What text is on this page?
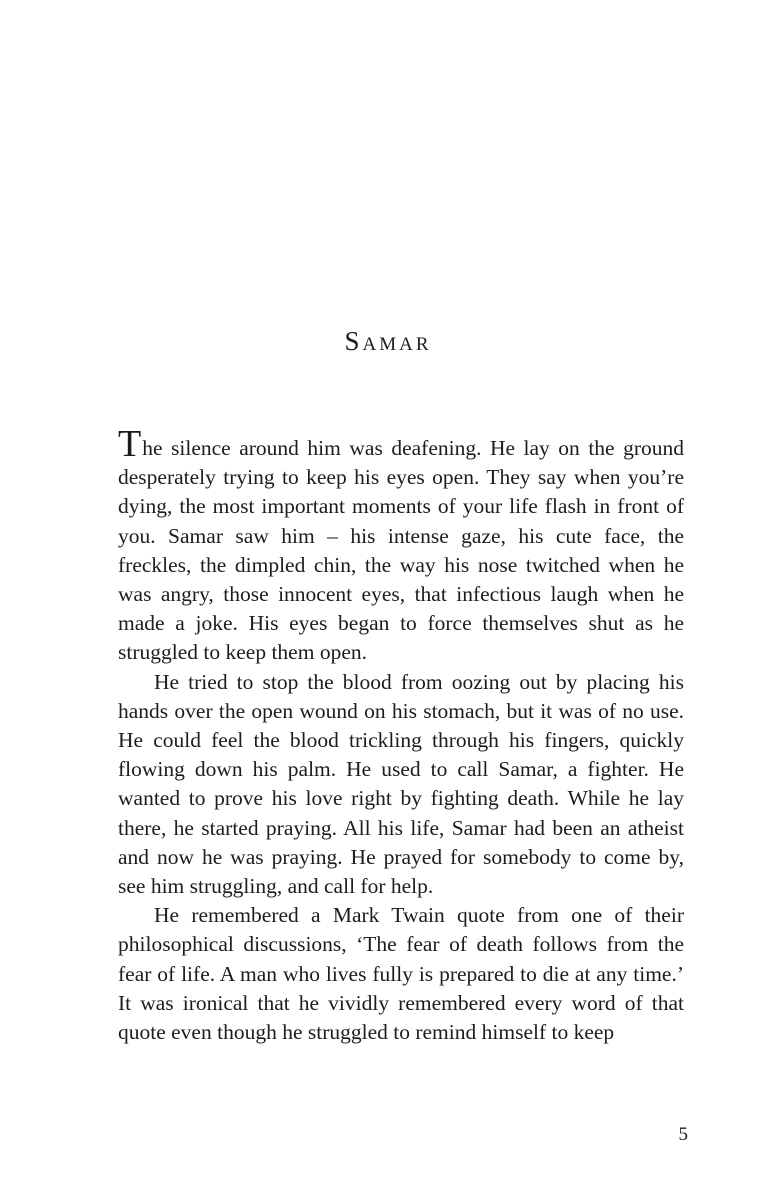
Samar

The silence around him was deafening. He lay on the ground desperately trying to keep his eyes open. They say when you’re dying, the most important moments of your life flash in front of you. Samar saw him – his intense gaze, his cute face, the freckles, the dimpled chin, the way his nose twitched when he was angry, those innocent eyes, that infectious laugh when he made a joke. His eyes began to force themselves shut as he struggled to keep them open.

He tried to stop the blood from oozing out by placing his hands over the open wound on his stomach, but it was of no use. He could feel the blood trickling through his fingers, quickly flowing down his palm. He used to call Samar, a fighter. He wanted to prove his love right by fighting death. While he lay there, he started praying. All his life, Samar had been an atheist and now he was praying. He prayed for somebody to come by, see him struggling, and call for help.

He remembered a Mark Twain quote from one of their philosophical discussions, ‘The fear of death follows from the fear of life. A man who lives fully is prepared to die at any time.’ It was ironical that he vividly remembered every word of that quote even though he struggled to remind himself to keep

5
